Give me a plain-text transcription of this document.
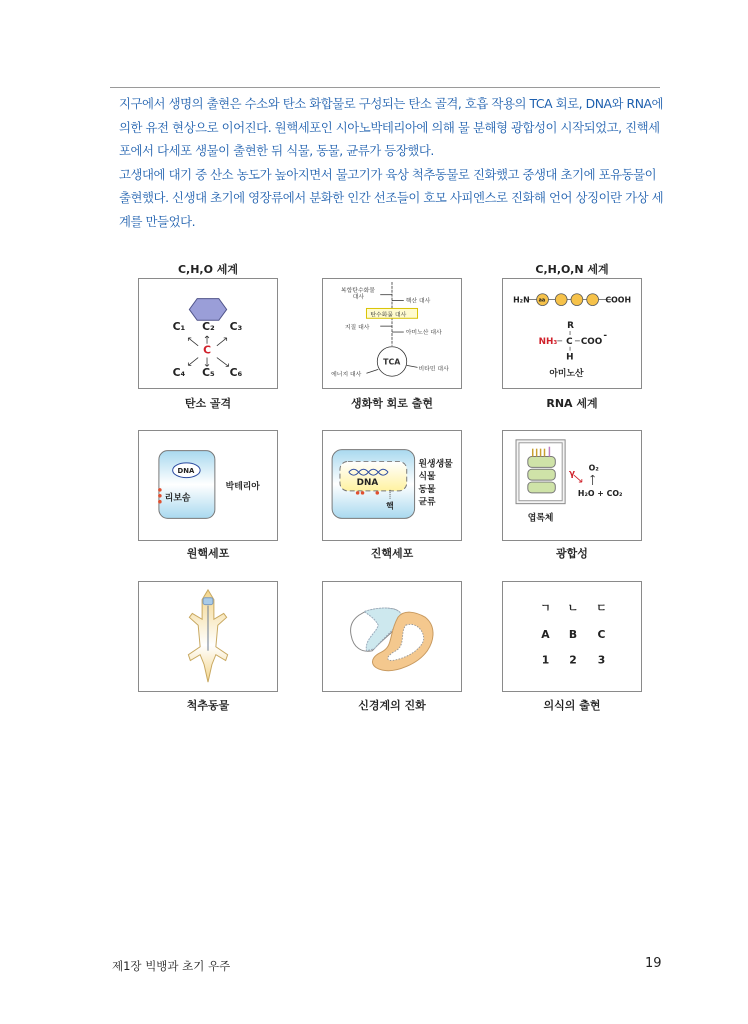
지구에서 생명의 출현은 수소와 탄소 화합물로 구성되는 탄소 골격, 호흡 작용의 TCA 회로, DNA와 RNA에 의한 유전 현상으로 이어진다. 원핵세포인 시아노박테리아에 의해 물 분해형 광합성이 시작되었고, 진핵세포에서 다세포 생물이 출현한 뒤 식물, 동물, 균류가 등장했다.

고생대에 대기 중 산소 농도가 높아지면서 물고기가 육상 척추동물로 진화했고 중생대 초기에 포유동물이 출현했다. 신생대 초기에 영장류에서 분화한 인간 선조들이 호모 사피엔스로 진화해 언어 상징이란 가상 세계를 만들었다.

C,H,O 세계	C,H,O,N 세계
C₁ C₂ C₃
C₄ C₅ C₆
C
탄소 골격
복합탄수화물
대사
핵산 대사
탄수화물 대사
지질 대사
아미노산 대사
에너지 대사
비타민 대사
TCA
생화학 회로 출현
H₂N aa	COOH
R
NH₃ C COO
-
H
아미노산
RNA 세계
DNA
리보솜
박테리아
원핵세포
DNA
핵
원생생물
식물
동물
균류
진핵세포
γ
O₂
H₂O + CO₂
엽록체
광합성
척추동물	신경계의 진화
ㄱ ㄴ ㄷ
A B C
1 2 3
의식의 출현
제1장 빅뱅과 초기 우주	19
